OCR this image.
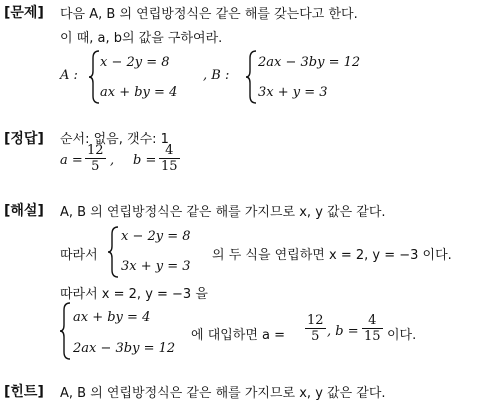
[문제] 다음 A, B 의 연립방정식은 같은 해를 갖는다고 한다.
이 때, a, b의 값을 구하여라.
A :
x − 2y = 8
ax + by = 4
, B :
2ax − 3by = 12
3x + y = 3
[정답] 순서: 없음, 갯수: 1
a =
12
5 , b =
4
15
[해설] A, B 의 연립방정식은 같은 해를 가지므로 x, y 값은 같다.
따라서
x − 2y = 8
3x + y = 3
의 두 식을 연립하면 x = 2, y = −3 이다.
따라서 x = 2, y = −3 을
ax + by = 4
2ax − 3by = 12
에 대입하면 a =
12
5 , b =
4
15 이다.
[힌트] A, B 의 연립방정식은 같은 해를 가지므로 x, y 값은 같다.
